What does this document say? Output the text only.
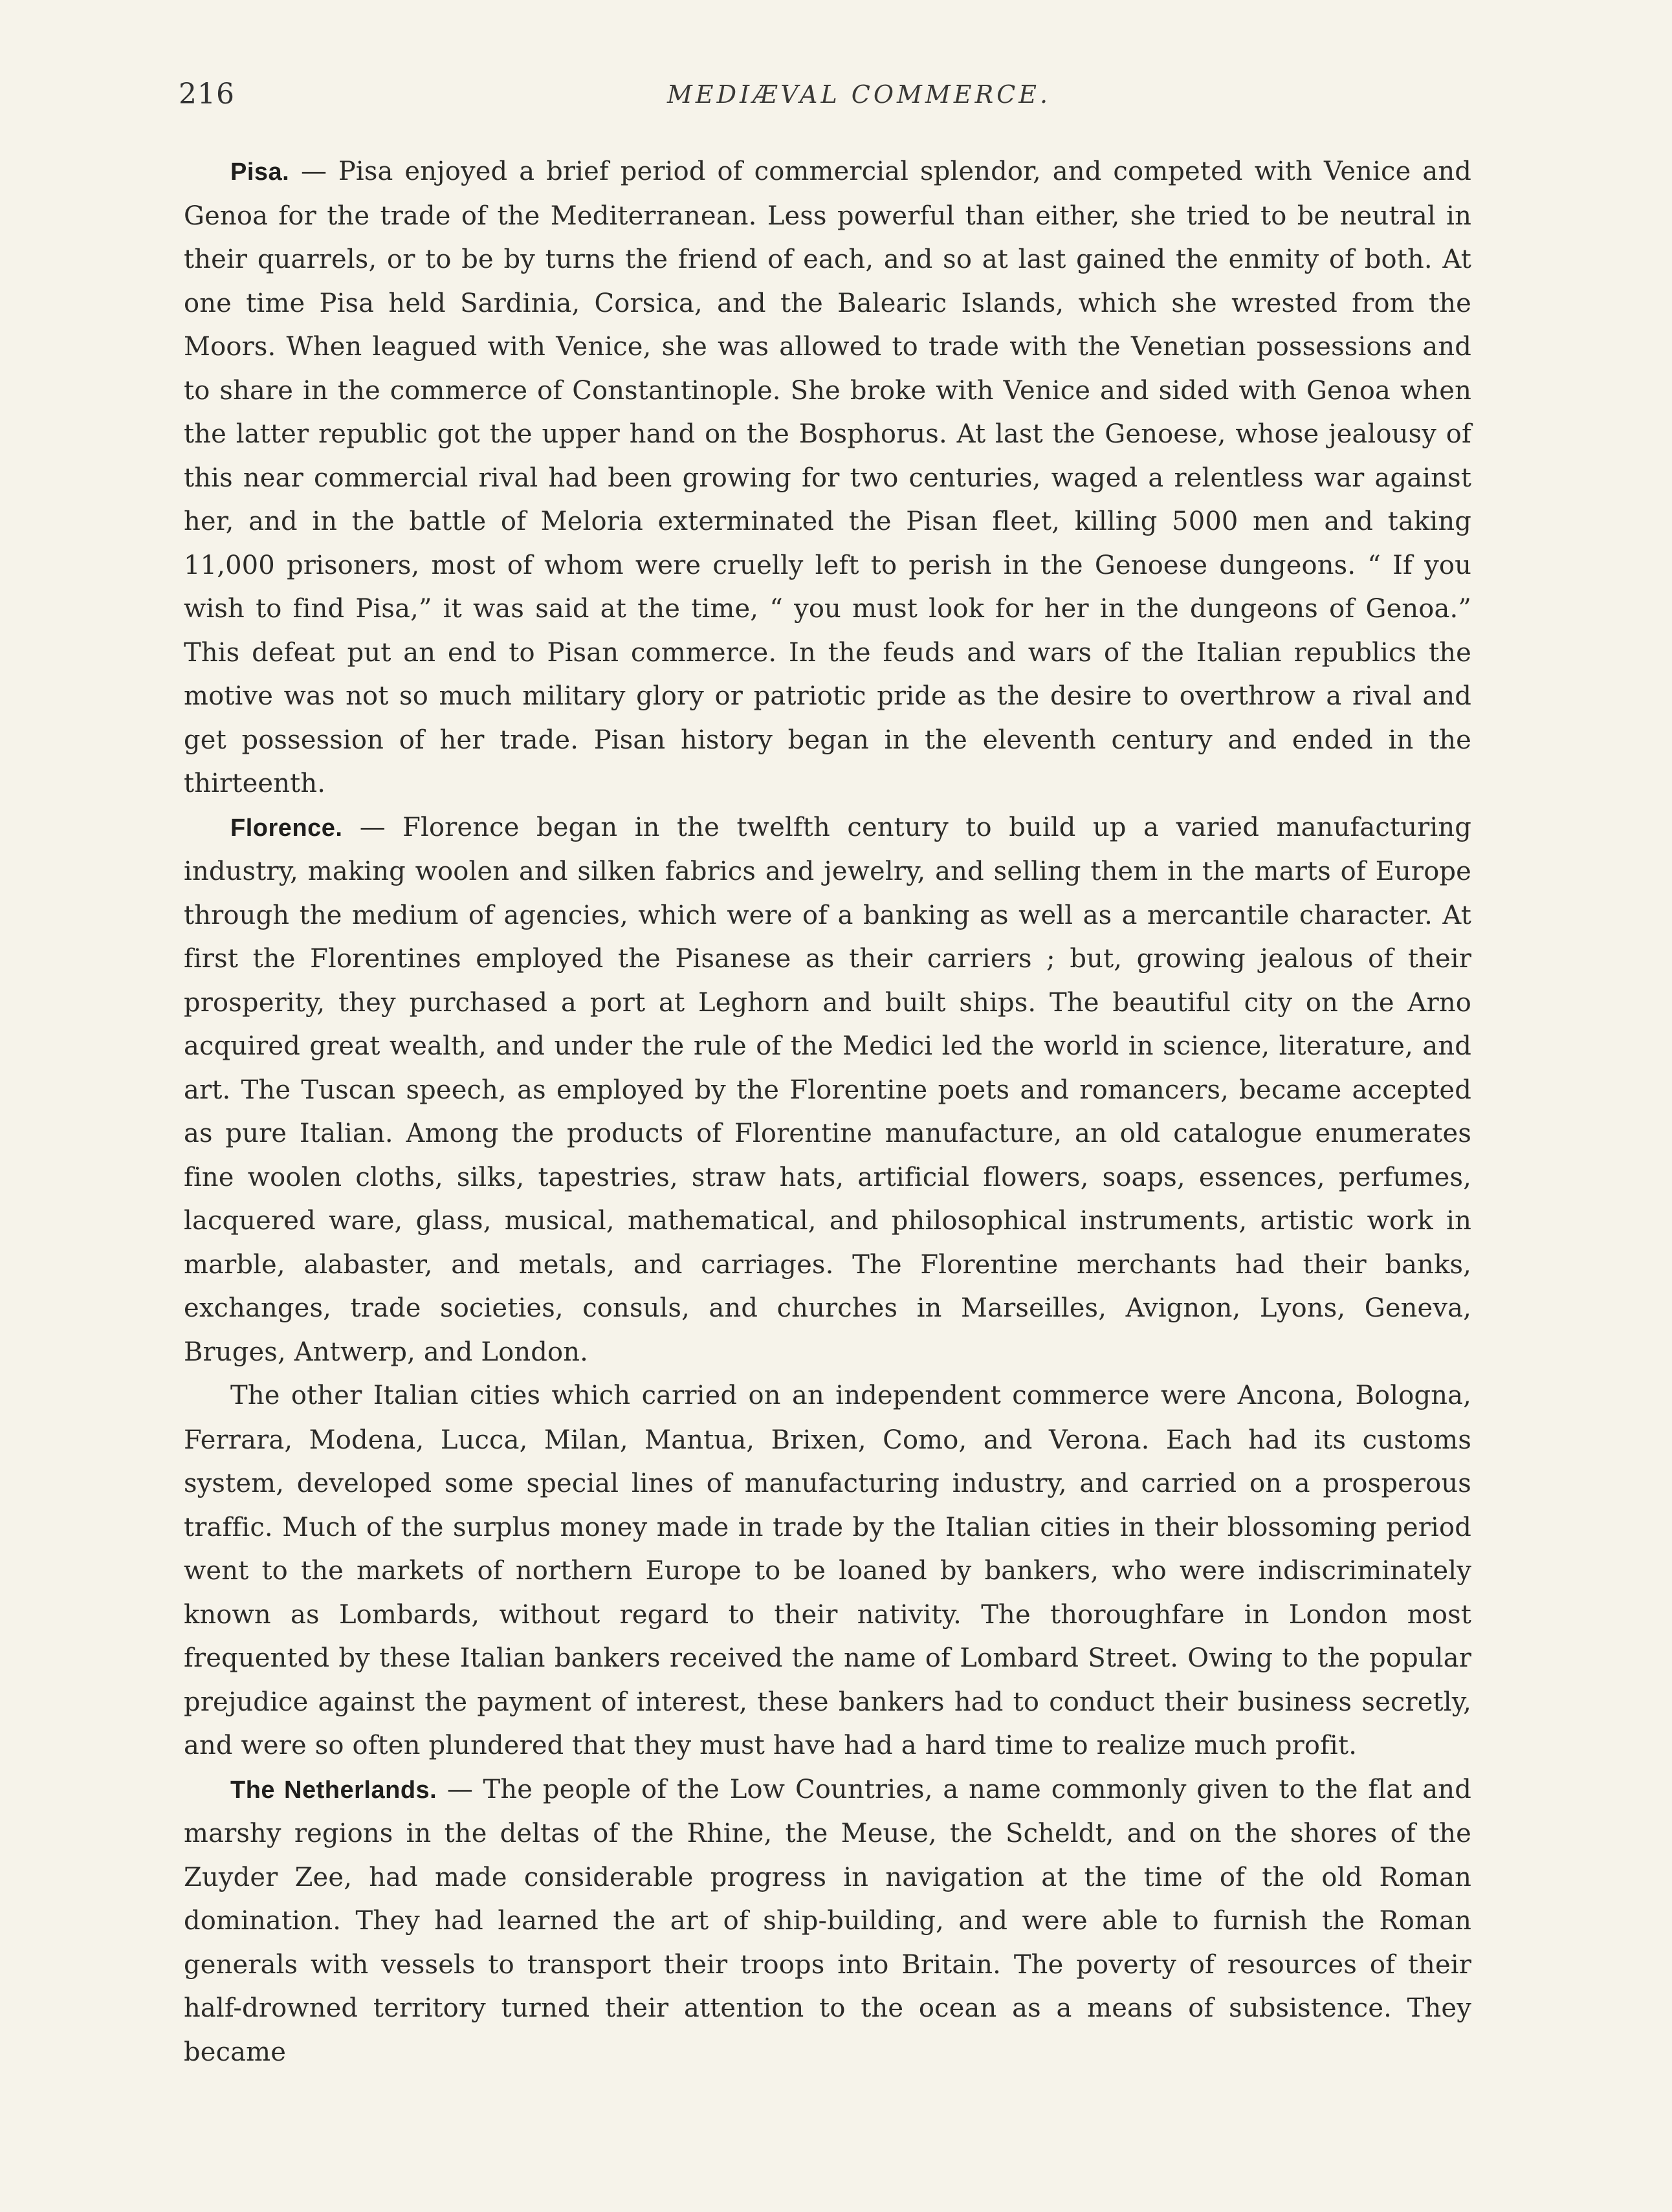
216	MEDIÆVAL COMMERCE.

Pisa. — Pisa enjoyed a brief period of commercial splendor, and competed with Venice and Genoa for the trade of the Mediterranean. Less powerful than either, she tried to be neutral in their quarrels, or to be by turns the friend of each, and so at last gained the enmity of both. At one time Pisa held Sardinia, Corsica, and the Balearic Islands, which she wrested from the Moors. When leagued with Venice, she was allowed to trade with the Venetian possessions and to share in the commerce of Constantinople. She broke with Venice and sided with Genoa when the latter republic got the upper hand on the Bosphorus. At last the Genoese, whose jealousy of this near commercial rival had been growing for two centuries, waged a relentless war against her, and in the battle of Meloria exterminated the Pisan fleet, killing 5000 men and taking 11,000 prisoners, most of whom were cruelly left to perish in the Genoese dungeons. “ If you wish to find Pisa,” it was said at the time, “ you must look for her in the dungeons of Genoa.” This defeat put an end to Pisan commerce. In the feuds and wars of the Italian republics the motive was not so much military glory or patriotic pride as the desire to overthrow a rival and get possession of her trade. Pisan history began in the eleventh century and ended in the thirteenth.

Florence. — Florence began in the twelfth century to build up a varied manufacturing industry, making woolen and silken fabrics and jewelry, and selling them in the marts of Europe through the medium of agencies, which were of a banking as well as a mercantile character. At first the Florentines employed the Pisanese as their carriers ; but, growing jealous of their prosperity, they purchased a port at Leghorn and built ships. The beautiful city on the Arno acquired great wealth, and under the rule of the Medici led the world in science, literature, and art. The Tuscan speech, as employed by the Florentine poets and romancers, became accepted as pure Italian. Among the products of Florentine manufacture, an old catalogue enumerates fine woolen cloths, silks, tapestries, straw hats, artificial flowers, soaps, essences, perfumes, lacquered ware, glass, musical, mathematical, and philosophical instruments, artistic work in marble, alabaster, and metals, and carriages. The Florentine merchants had their banks, exchanges, trade societies, consuls, and churches in Marseilles, Avignon, Lyons, Geneva, Bruges, Antwerp, and London.

The other Italian cities which carried on an independent commerce were Ancona, Bologna, Ferrara, Modena, Lucca, Milan, Mantua, Brixen, Como, and Verona. Each had its customs system, developed some special lines of manufacturing industry, and carried on a prosperous traffic. Much of the surplus money made in trade by the Italian cities in their blossoming period went to the markets of northern Europe to be loaned by bankers, who were indiscriminately known as Lombards, without regard to their nativity. The thoroughfare in London most frequented by these Italian bankers received the name of Lombard Street. Owing to the popular prejudice against the payment of interest, these bankers had to conduct their business secretly, and were so often plundered that they must have had a hard time to realize much profit.

The Netherlands. — The people of the Low Countries, a name commonly given to the flat and marshy regions in the deltas of the Rhine, the Meuse, the Scheldt, and on the shores of the Zuyder Zee, had made considerable progress in navigation at the time of the old Roman domination. They had learned the art of ship-building, and were able to furnish the Roman generals with vessels to transport their troops into Britain. The poverty of resources of their half-drowned territory turned their attention to the ocean as a means of subsistence. They became
